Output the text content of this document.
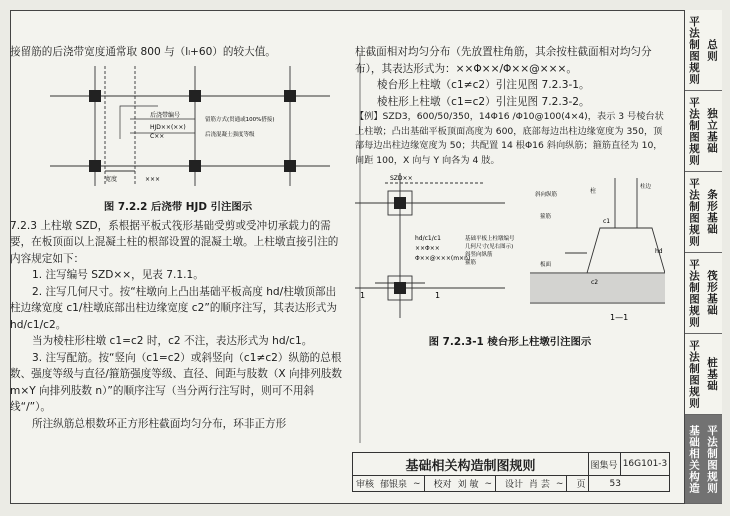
接留筋的后浇带宽度通常取 800 与（lₗ+60）的较大值。

后浇带编号
留筋方式(贯通或100%搭接)
后浇混凝土强度等级
HJD××(××)
C××
宽度	×××

图 7.2.2 后浇带 HJD 引注图示

7.2.3 上柱墩 SZD，系根据平板式筏形基础受剪或受冲切承载力的需要，在板顶面以上混凝土柱的根部设置的混凝土墩。上柱墩直接引注的内容规定如下：

1. 注写编号 SZD××，见表 7.1.1。

2. 注写几何尺寸。按“柱墩向上凸出基础平板高度 hd/柱墩顶部出柱边缘宽度 c1/柱墩底部出柱边缘宽度 c2”的顺序注写，其表达形式为 hd/c1/c2。

当为棱柱形柱墩 c1=c2 时，c2 不注，表达形式为 hd/c1。

3. 注写配筋。按“竖向（c1=c2）或斜竖向（c1≠c2）纵筋的总根数、强度等级与直径/箍筋强度等级、直径、间距与肢数（X 向排列肢数 m×Y 向排列肢数 n）”的顺序注写（当分两行注写时，则可不用斜线“/”）。

所注纵筋总根数环正方形柱截面均匀分布，环非正方形

柱截面相对均匀分布（先放置柱角筋，其余按柱截面相对均匀分布），其表达形式为：××Φ××/Φ××@×××。

棱台形上柱墩（c1≠c2）引注见图 7.2.3-1。

棱柱形上柱墩（c1=c2）引注见图 7.2.3-2。

【例】SZD3，600/50/350，14Φ16 /Φ10@100(4×4)，表示 3 号棱台状上柱墩；凸出基础平板顶面高度为 600，底部每边出柱边缘宽度为 350，顶部每边出柱边缘宽度为 50；共配置 14 根Φ16 斜向纵筋；箍筋直径为 10，间距 100，X 向与 Y 向各为 4 肢。

SZD××
hd/c1/c1
××Φ××
Φ××@×××(m×n)
基础平板上柱墩编号
几何尺寸(见右图示)
斜竖向纵筋
箍筋
1	1
柱
斜向纵筋
箍筋
板面
柱边
c1
c2
hd
1—1

图 7.2.3-1 棱台形上柱墩引注图示

平法制图规则 总则
平法制图规则 独立基础
平法制图规则 条形基础
平法制图规则 筏形基础
平法制图规则 桩基础
基础相关构造 平法制图规则
基础相关构造制图规则	图集号 16G101-3
审核 郁银泉 ~	校对 刘 敏 ~	设计 肖 芸 ~	页	53
